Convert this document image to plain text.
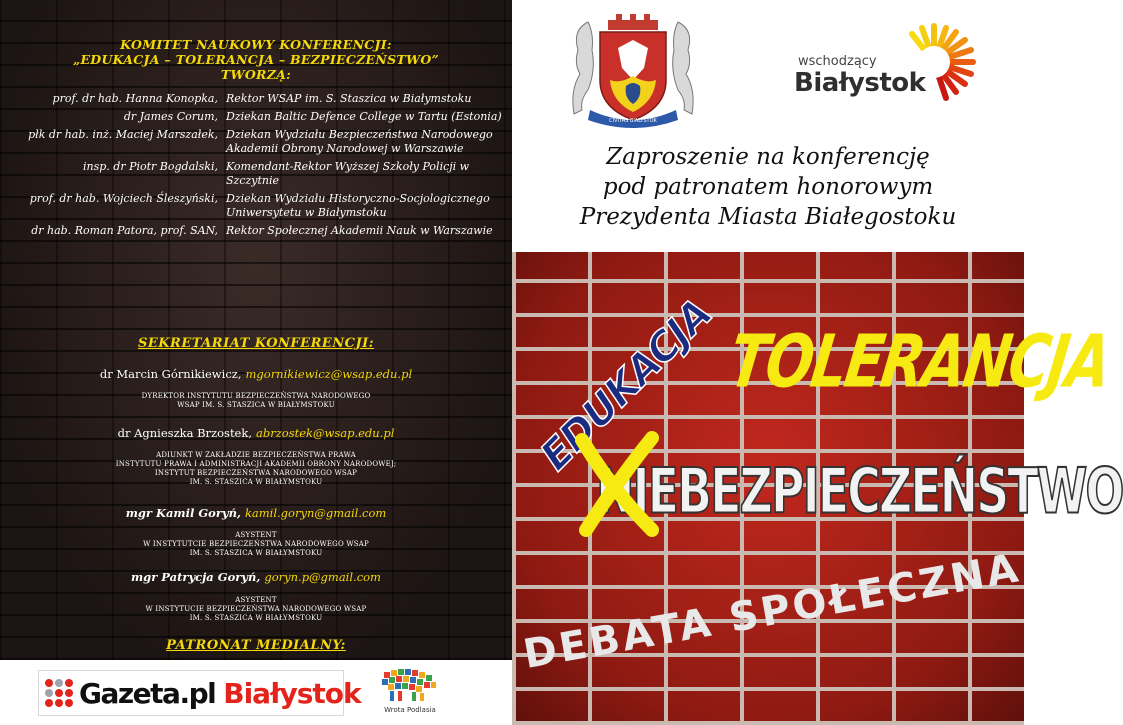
KOMITET NAUKOWY KONFERENCJI:
„EDUKACJA – TOLERANCJA – BEZPIECZEŃSTWO”
TWORZĄ:
prof. dr hab. Hanna Konopka, Rektor WSAP im. S. Staszica w Białymstoku
dr James Corum, Dziekan Baltic Defence College w Tartu (Estonia)
płk dr hab. inż. Maciej Marszałek, Dziekan Wydziału Bezpieczeństwa Narodowego Akademii Obrony Narodowej w Warszawie
insp. dr Piotr Bogdalski, Komendant-Rektor Wyższej Szkoły Policji w Szczytnie
prof. dr hab. Wojciech Śleszyński, Dziekan Wydziału Historyczno-Socjologicznego Uniwersytetu w Białymstoku
dr hab. Roman Patora, prof. SAN, Rektor Społecznej Akademii Nauk w Warszawie
SEKRETARIAT KONFERENCJI:
dr Marcin Górnikiewicz, mgornikiewicz@wsap.edu.pl
DYREKTOR INSTYTUTU BEZPIECZEŃSTWA NARODOWEGO
WSAP IM. S. STASZICA W BIAŁYMSTOKU
dr Agnieszka Brzostek, abrzostek@wsap.edu.pl
ADIUNKT W ZAKŁADZIE BEZPIECZEŃSTWA PRAWA
INSTYTUTU PRAWA I ADMINISTRACJI AKADEMII OBRONY NARODOWEJ;
INSTYTUT BEZPIECZEŃSTWA NARODOWEGO WSAP
IM. S. STASZICA W BIAŁYMSTOKU
mgr Kamil Goryń, kamil.goryn@gmail.com
ASYSTENT
W INSTYTUTCIE BEZPIECZEŃSTWA NARODOWEGO WSAP
IM. S. STASZICA W BIAŁYMSTOKU
mgr Patrycja Goryń, goryn.p@gmail.com
ASYSTENT
W INSTYTUCIE BEZPIECZEŃSTWA NARODOWEGO WSAP
IM. S. STASZICA W BIAŁYMSTOKU
PATRONAT MEDIALNY:
Gazeta.pl Białystok
Wrota Podlasia
CIVITAS BIALYSTOK
wschodzący
Białystok
Zaproszenie na konferencję
pod patronatem honorowym
Prezydenta Miasta Białegostoku
EDUKACJA TOLERANCJA
NIEBEZPIECZEŃSTWO
DEBATA SPOŁECZNA
